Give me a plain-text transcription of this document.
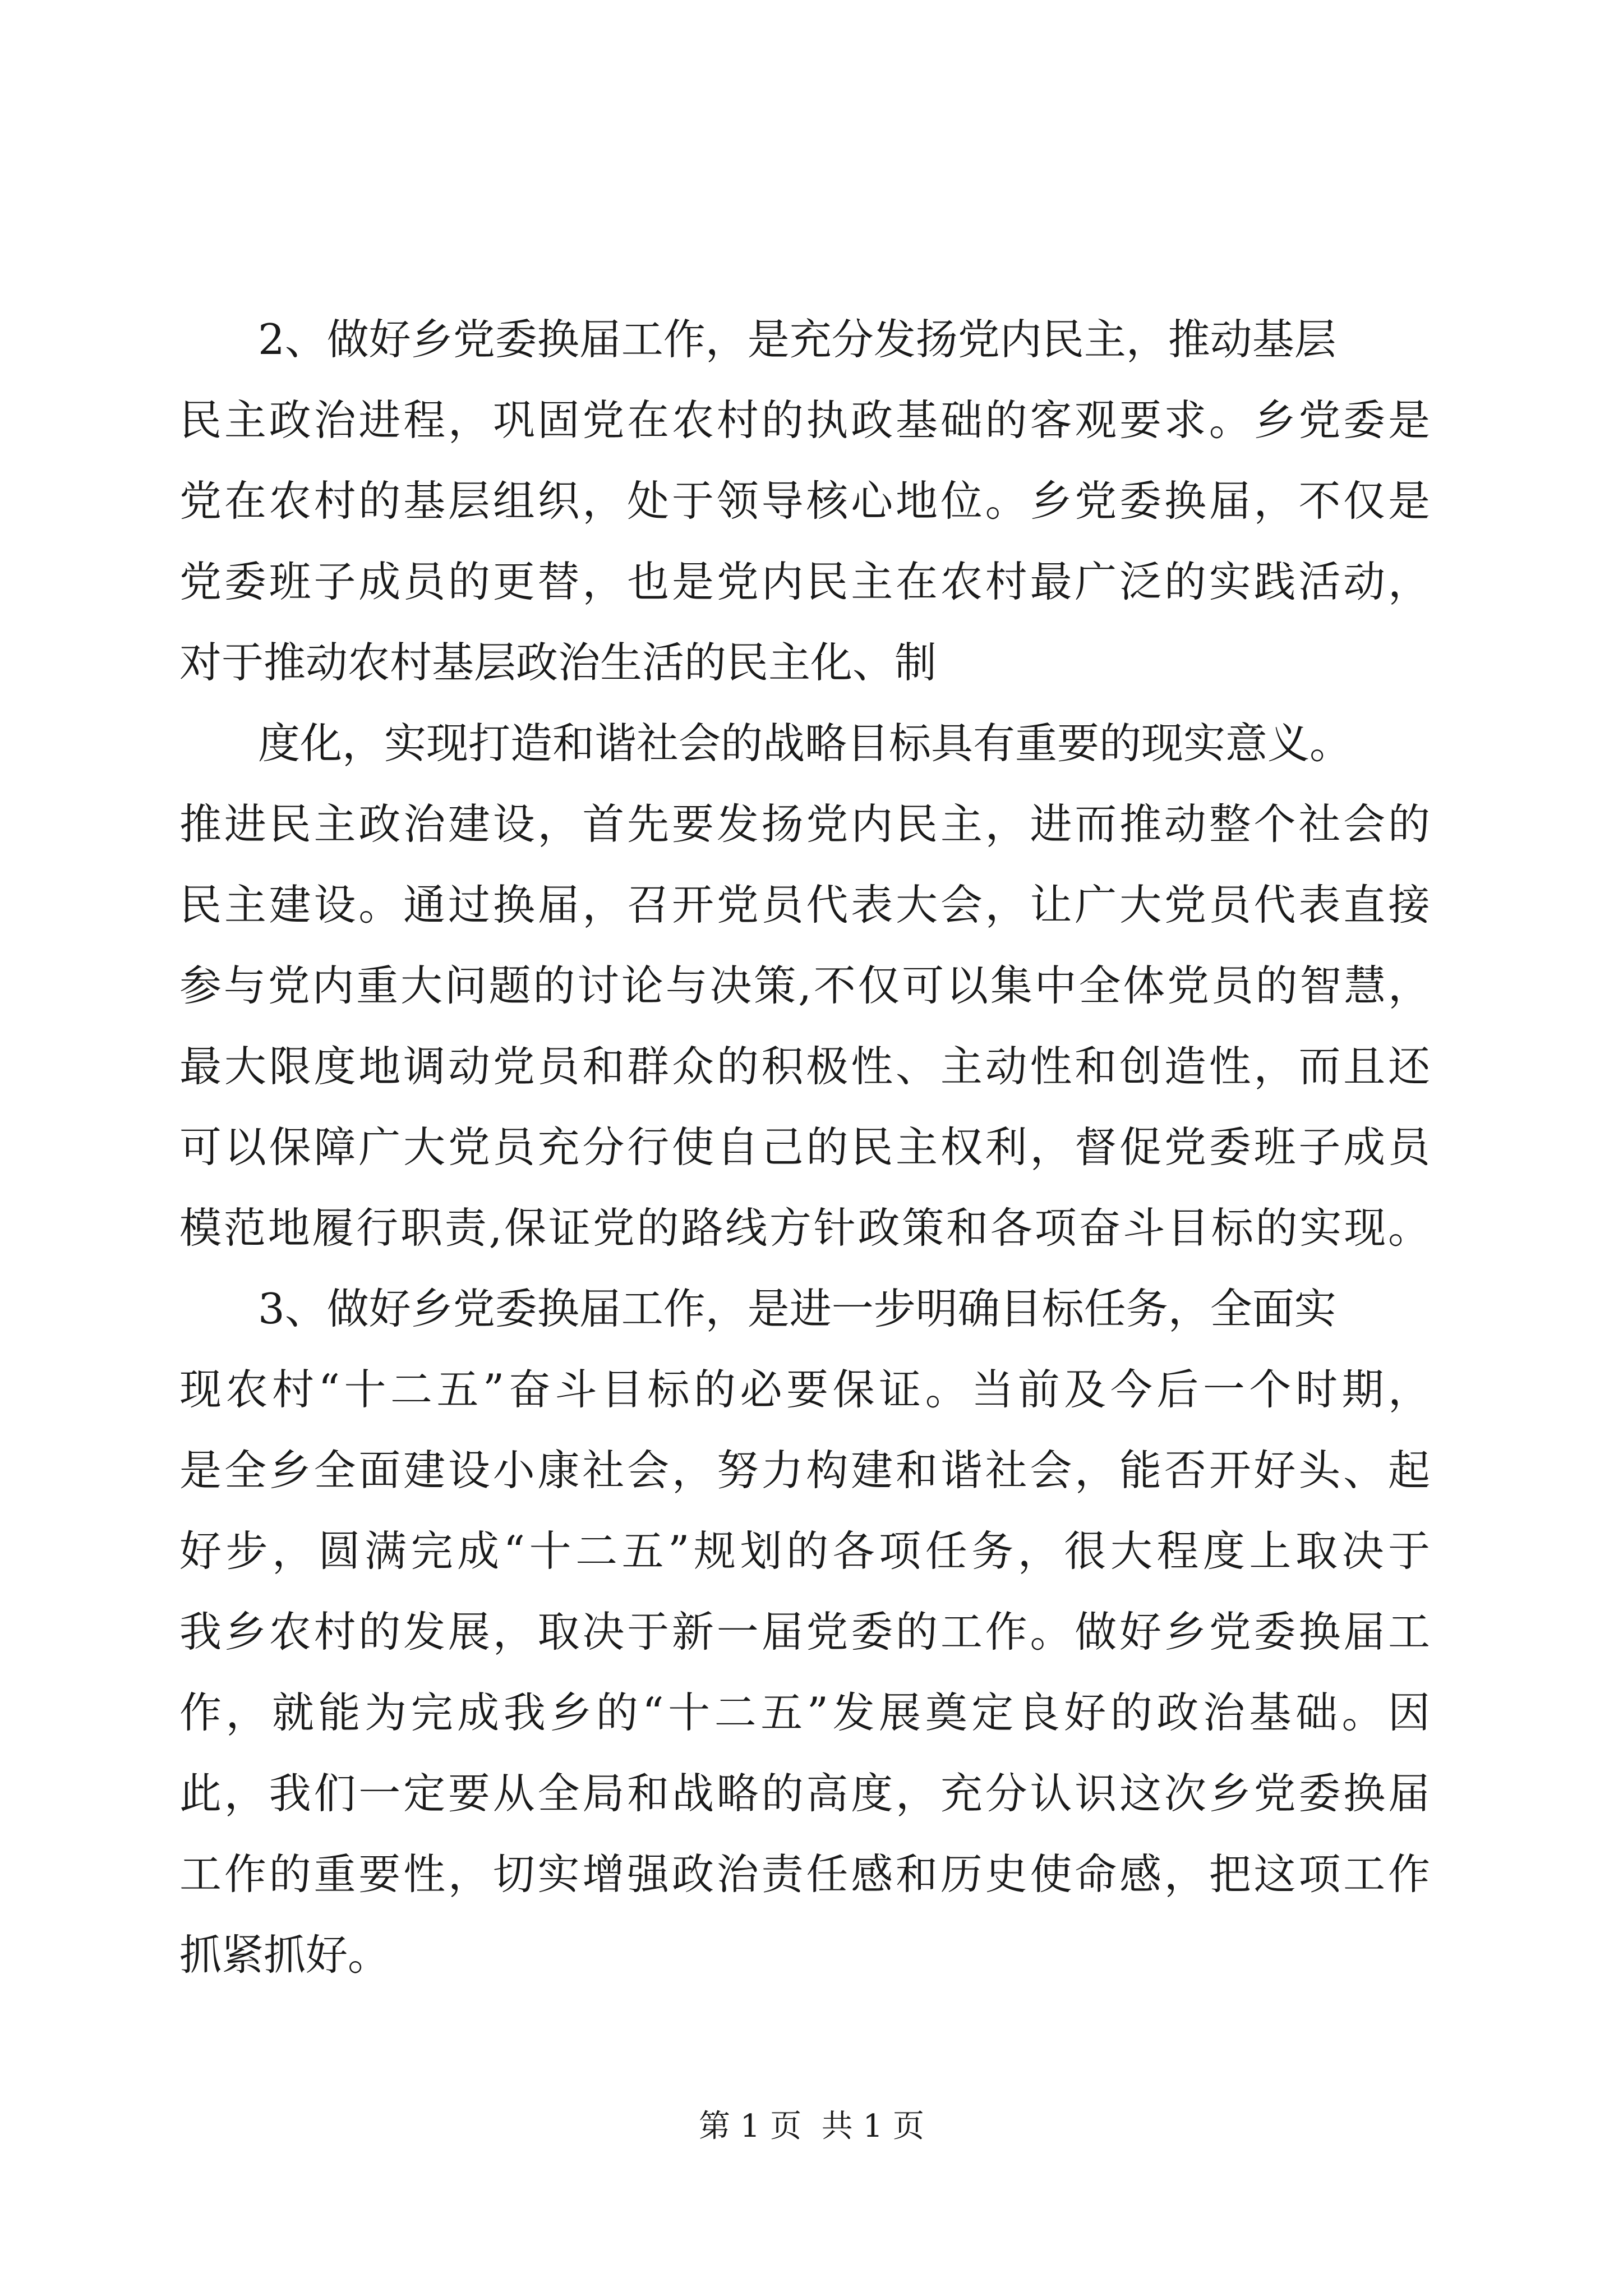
2、做好乡党委换届工作，是充分发扬党内民主，推动基层
民主政治进程，巩固党在农村的执政基础的客观要求。乡党委是
党在农村的基层组织，处于领导核心地位。乡党委换届，不仅是
党委班子成员的更替，也是党内民主在农村最广泛的实践活动，
对于推动农村基层政治生活的民主化、制
度化，实现打造和谐社会的战略目标具有重要的现实意义。
推进民主政治建设，首先要发扬党内民主，进而推动整个社会的
民主建设。通过换届，召开党员代表大会，让广大党员代表直接
参与党内重大问题的讨论与决策,不仅可以集中全体党员的智慧，
最大限度地调动党员和群众的积极性、主动性和创造性，而且还
可以保障广大党员充分行使自己的民主权利，督促党委班子成员
模范地履行职责,保证党的路线方针政策和各项奋斗目标的实现。
3、做好乡党委换届工作，是进一步明确目标任务，全面实
现农村“十二五”奋斗目标的必要保证。当前及今后一个时期，
是全乡全面建设小康社会，努力构建和谐社会，能否开好头、起
好步，圆满完成“十二五”规划的各项任务，很大程度上取决于
我乡农村的发展，取决于新一届党委的工作。做好乡党委换届工
作，就能为完成我乡的“十二五”发展奠定良好的政治基础。因
此，我们一定要从全局和战略的高度，充分认识这次乡党委换届
工作的重要性，切实增强政治责任感和历史使命感，把这项工作
抓紧抓好。
第 1 页  共 1 页
